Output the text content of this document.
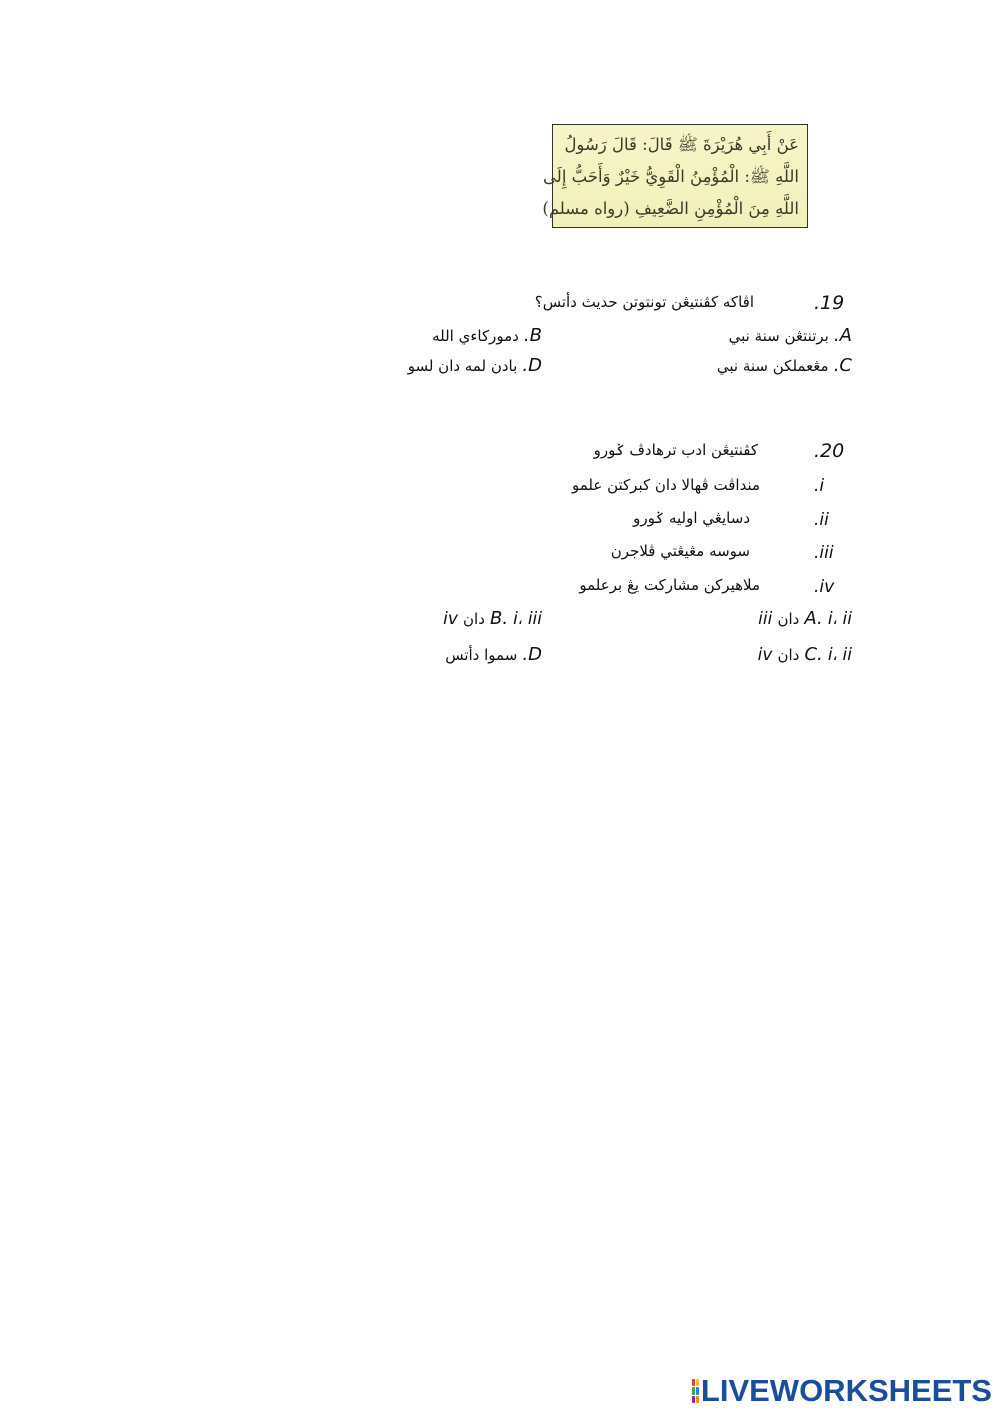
عَنْ أَبِي هُرَيْرَةَ ﷺ قَالَ: قَالَ رَسُولُ
اللَّهِ ﷺ: الْمُؤْمِنُ الْقَوِيُّ خَيْرٌ وَأَحَبُّ إِلَى
اللَّهِ مِنَ الْمُؤْمِنِ الضَّعِيفِ (رواه مسلم)
.19
اڤاكه كڤنتيڠن تونتوتن حديث دأتس؟
A. برتنتڠن سنة نبي
B. دموركاءي الله
C. مڠعملكن سنة نبي
D. بادن لمه دان لسو
.20
كڤنتيڠن ادب ترهادڤ ݢورو
.i
منداڤت ڤهالا دان كبركتن علمو
.ii
دسايڠي اوليه ݢورو
.iii
سوسه مڠيڠتي ڤلاجرن
.iv
ملاهيركن مشاركت يڠ برعلمو
A. i، ii دان iii
B. i، iii دان iv
C. i، ii دان iv
D. سموا دأتس
LIVEWORKSHEETS
